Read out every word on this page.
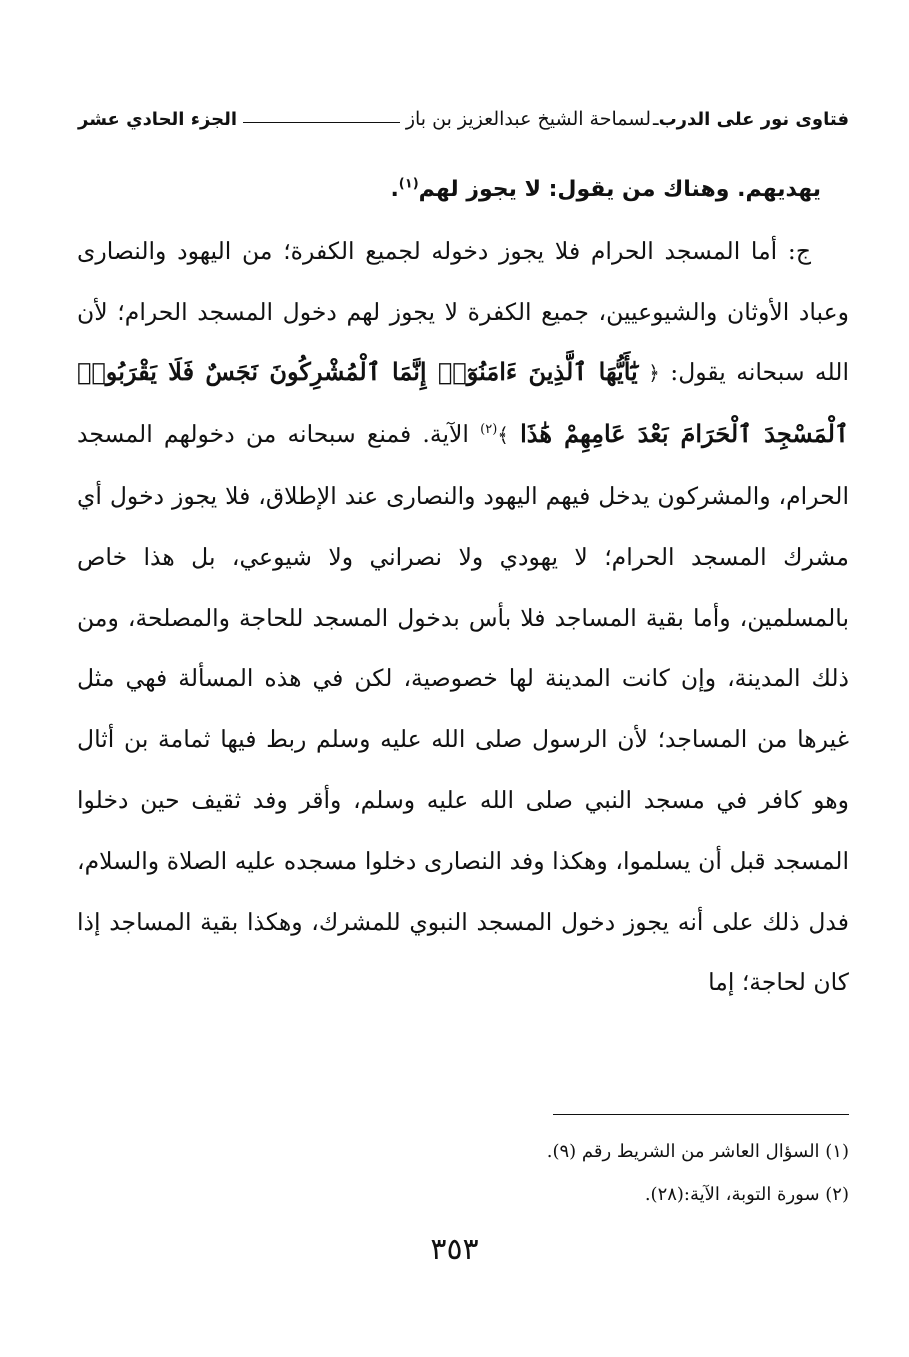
فتاوى نور على الدرب
ـ
لسماحة الشيخ عبدالعزيز بن باز
الجزء الحادي عشر

يهديهم. وهناك من يقول: لا يجوز لهم$^{(١)}$.

ج: أما المسجد الحرام فلا يجوز دخوله لجميع الكفرة؛ من اليهود والنصارى وعباد الأوثان والشيوعيين، جميع الكفرة لا يجوز لهم دخول المسجد الحرام؛ لأن الله سبحانه يقول: ﴿ يَٰٓأَيُّهَا ٱلَّذِينَ ءَامَنُوٓا۟ إِنَّمَا ٱلْمُشْرِكُونَ نَجَسٌ فَلَا يَقْرَبُوا۟ ٱلْمَسْجِدَ ٱلْحَرَامَ بَعْدَ عَامِهِمْ هَٰذَا ﴾$^{(٢)}$ الآية. فمنع سبحانه من دخولهم المسجد الحرام، والمشركون يدخل فيهم اليهود والنصارى عند الإطلاق، فلا يجوز دخول أي مشرك المسجد الحرام؛ لا يهودي ولا نصراني ولا شيوعي، بل هذا خاص بالمسلمين، وأما بقية المساجد فلا بأس بدخول المسجد للحاجة والمصلحة، ومن ذلك المدينة، وإن كانت المدينة لها خصوصية، لكن في هذه المسألة فهي مثل غيرها من المساجد؛ لأن الرسول صلى الله عليه وسلم ربط فيها ثمامة بن أثال وهو كافر في مسجد النبي صلى الله عليه وسلم، وأقر وفد ثقيف حين دخلوا المسجد قبل أن يسلموا، وهكذا وفد النصارى دخلوا مسجده عليه الصلاة والسلام، فدل ذلك على أنه يجوز دخول المسجد النبوي للمشرك، وهكذا بقية المساجد إذا كان لحاجة؛ إما

(١) السؤال العاشر من الشريط رقم (٩).

(٢) سورة التوبة، الآية:(٢٨).

٣٥٣
